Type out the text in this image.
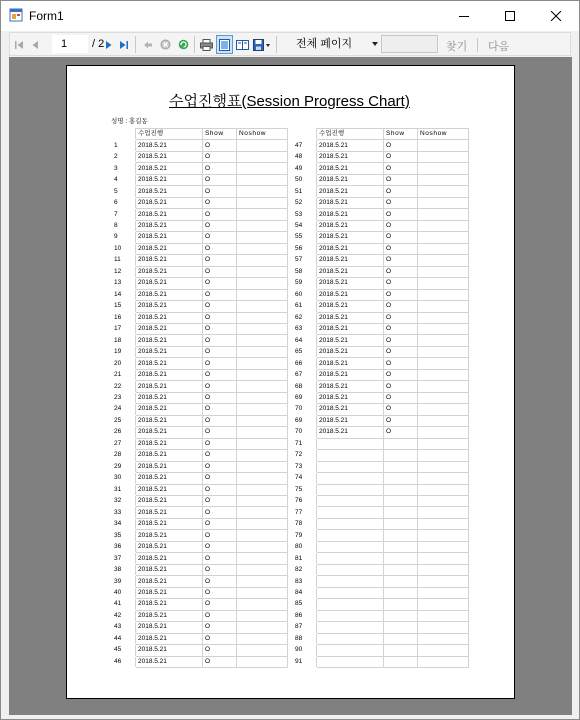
Form1
1	/ 2	전체 페이지	찾기 다음
수업진행표(Session Progress Chart)
성명 : 홍길동
	수업진행	Show	Noshow
1	2018.5.21	O	
2	2018.5.21	O	
3	2018.5.21	O	
4	2018.5.21	O	
5	2018.5.21	O	
6	2018.5.21	O	
7	2018.5.21	O	
8	2018.5.21	O	
9	2018.5.21	O	
10	2018.5.21	O	
11	2018.5.21	O	
12	2018.5.21	O	
13	2018.5.21	O	
14	2018.5.21	O	
15	2018.5.21	O	
16	2018.5.21	O	
17	2018.5.21	O	
18	2018.5.21	O	
19	2018.5.21	O	
20	2018.5.21	O	
21	2018.5.21	O	
22	2018.5.21	O	
23	2018.5.21	O	
24	2018.5.21	O	
25	2018.5.21	O	
26	2018.5.21	O	
27	2018.5.21	O	
28	2018.5.21	O	
29	2018.5.21	O	
30	2018.5.21	O	
31	2018.5.21	O	
32	2018.5.21	O	
33	2018.5.21	O	
34	2018.5.21	O	
35	2018.5.21	O	
36	2018.5.21	O	
37	2018.5.21	O	
38	2018.5.21	O	
39	2018.5.21	O	
40	2018.5.21	O	
41	2018.5.21	O	
42	2018.5.21	O	
43	2018.5.21	O	
44	2018.5.21	O	
45	2018.5.21	O	
46	2018.5.21	O	
	수업진행	Show	Noshow
47	2018.5.21	O	
48	2018.5.21	O	
49	2018.5.21	O	
50	2018.5.21	O	
51	2018.5.21	O	
52	2018.5.21	O	
53	2018.5.21	O	
54	2018.5.21	O	
55	2018.5.21	O	
56	2018.5.21	O	
57	2018.5.21	O	
58	2018.5.21	O	
59	2018.5.21	O	
60	2018.5.21	O	
61	2018.5.21	O	
62	2018.5.21	O	
63	2018.5.21	O	
64	2018.5.21	O	
65	2018.5.21	O	
66	2018.5.21	O	
67	2018.5.21	O	
68	2018.5.21	O	
69	2018.5.21	O	
70	2018.5.21	O	
69	2018.5.21	O	
70	2018.5.21	O	
71			
72			
73			
74			
75			
76			
77			
78			
79			
80			
81			
82			
83			
84			
85			
86			
87			
88			
90			
91			
